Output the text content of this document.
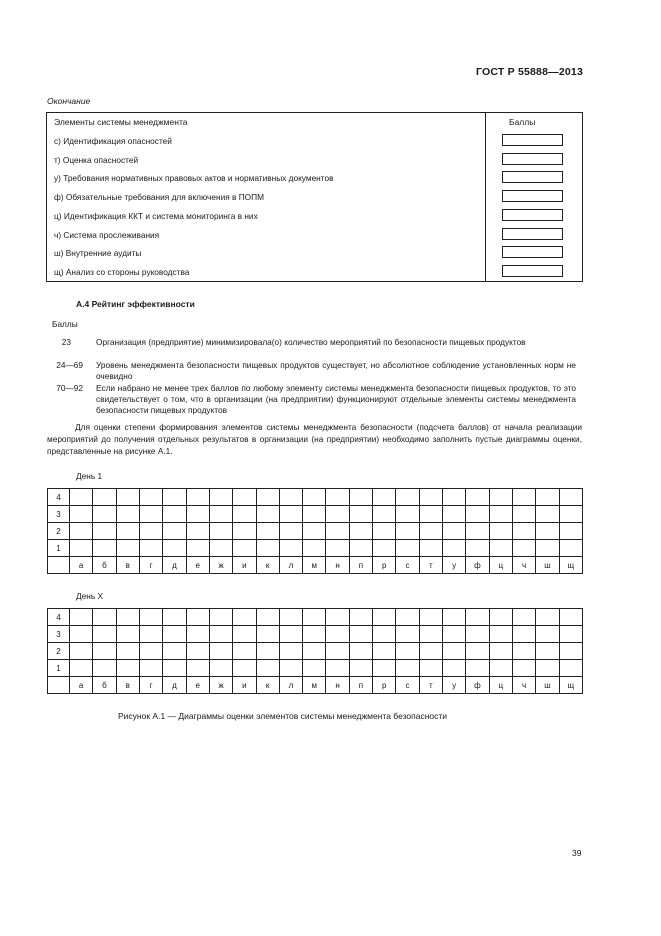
ГОСТ Р 55888—2013
Окончание
Элементы системы менеджмента	Баллы
с) Идентификация опасностей
т) Оценка опасностей
у) Требования нормативных правовых актов и нормативных документов
ф) Обязательные требования для включения в ПОПМ
ц) Идентификация ККТ и система мониторинга в них
ч) Система прослеживания
ш) Внутренние аудиты
щ) Анализ со стороны руководства
А.4 Рейтинг эффективности
Баллы
23	Организация (предприятие) минимизировала(о) количество мероприятий по безопасности пищевых продуктов
24—69 Уровень менеджмента безопасности пищевых продуктов существует, но абсолютное соблюдение установленных норм не очевидно
70—92 Если набрано не менее трех баллов по любому элементу системы менеджмента безопасности пищевых продуктов, то это свидетельствует о том, что в организации (на предприятии) функционируют отдельные элементы системы менеджмента безопасности пищевых продуктов
Для оценки степени формирования элементов системы менеджмента безопасности (подсчета баллов) от начала реализации мероприятий до получения отдельных результатов в организации (на предприятии) необходимо заполнить пустые диаграммы оценки, представленные на рисунке А.1.
День 1
4																						
3																						
2																						
1																						
	а	б	в	г	д	е	ж	и	к	л	м	н	п	р	с	т	у	ф	ц	ч	ш	щ
День Х
4																						
3																						
2																						
1																						
	а	б	в	г	д	е	ж	и	к	л	м	н	п	р	с	т	у	ф	ц	ч	ш	щ
Рисунок А.1 — Диаграммы оценки элементов системы менеджмента безопасности
39
